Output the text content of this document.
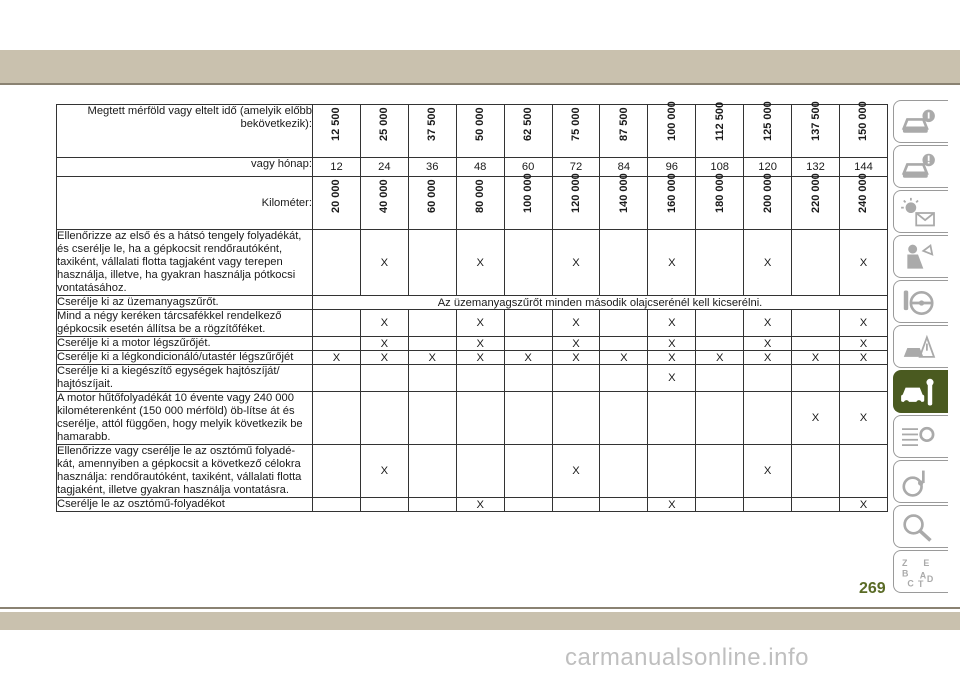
Megtett mérföld vagy eltelt idő (amelyik előbb bekövetkezik):	12 500	25 000	37 500	50 000	62 500	75 000	87 500	100 000	112 500	125 000	137 500	150 000

vagy hónap:	12	24	36	48	60	72	84	96	108	120	132	144
Kilométer:	20 000	40 000	60 000	80 000	100 000	120 000	140 000	160 000	180 000	200 000	220 000	240 000

Ellenőrizze az első és a hátsó tengely folyadékát, és cserélje le, ha a gépkocsit rendőrautóként, taxiként, vállalati flotta tagjaként vagy terepen használja, illetve, ha gyakran használja pótkocsi vontatásához.		X		X		X		X		X		X
Cserélje ki az üzemanyagszűrőt.	Az üzemanyagszűrőt minden második olajcserénél kell kicserélni.											
Mind a négy keréken tárcsafékkel rendelkező gépkocsik esetén állítsa be a rögzítőféket.		X		X		X		X		X		X
Cserélje ki a motor légszűrőjét.		X		X		X		X		X		X
Cserélje ki a légkondicionáló/utastér légszűrőjét	X	X	X	X	X	X	X	X	X	X	X	X
Cserélje ki a kiegészítő egységek hajtószíját/ hajtószíjait.								X				
A motor hűtőfolyadékát 10 évente vagy 240 000 kilométerenként (150 000 mérföld) öb-lítse át és cserélje, attól függően, hogy melyik következik be hamarabb.											X	X
Ellenőrizze vagy cserélje le az osztómű folyadé-kát, amennyiben a gépkocsit a következő célokra használja: rendőrautóként, taxiként, vállalati flotta tagjaként, illetve gyakran használja vontatásra.		X				X				X		
Cserélje le az osztómű-folyadékot				X				X				X
Z E
B A
C D
T
269
carmanualsonline.info
